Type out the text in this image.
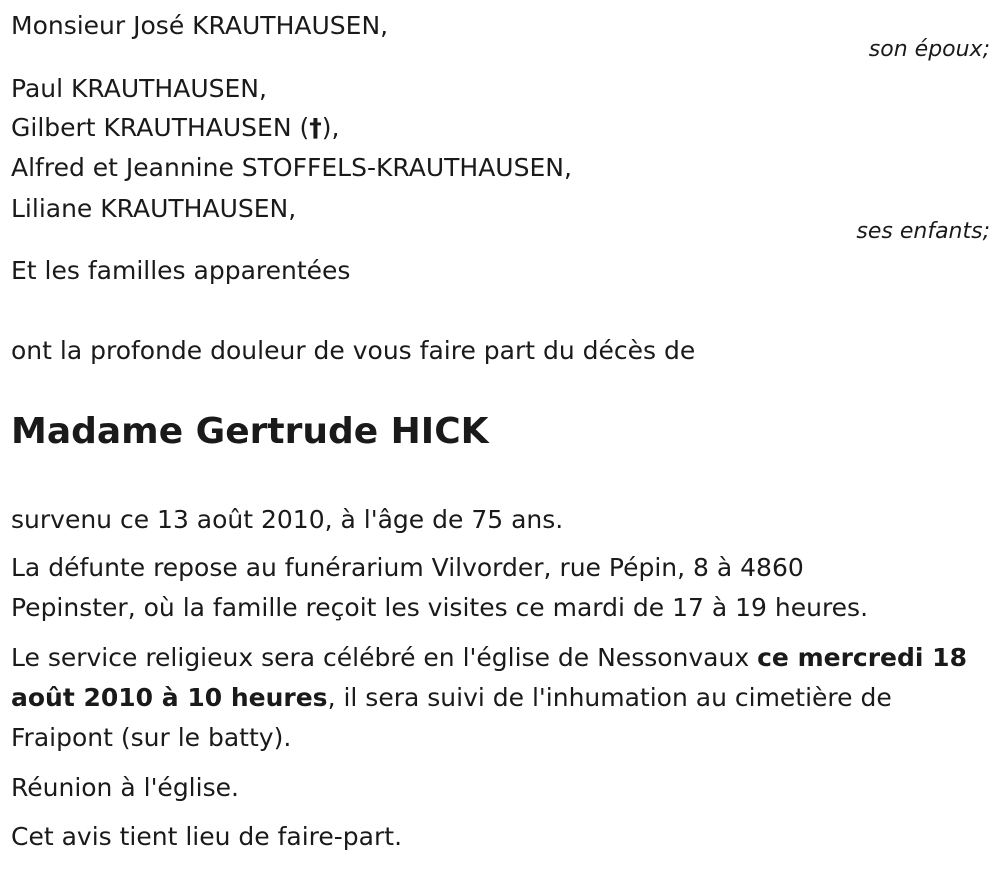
Monsieur José KRAUTHAUSEN,
son époux;
Paul KRAUTHAUSEN,
Gilbert KRAUTHAUSEN (†),
Alfred et Jeannine STOFFELS-KRAUTHAUSEN,
Liliane KRAUTHAUSEN,
ses enfants;
Et les familles apparentées
ont la profonde douleur de vous faire part du décès de
Madame Gertrude HICK
survenu ce 13 août 2010, à l'âge de 75 ans.
La défunte repose au funérarium Vilvorder, rue Pépin, 8 à 4860 Pepinster, où la famille reçoit les visites ce mardi de 17 à 19 heures.
Le service religieux sera célébré en l'église de Nessonvaux ce mercredi 18 août 2010 à 10 heures, il sera suivi de l'inhumation au cimetière de Fraipont (sur le batty).
Réunion à l'église.
Cet avis tient lieu de faire-part.
